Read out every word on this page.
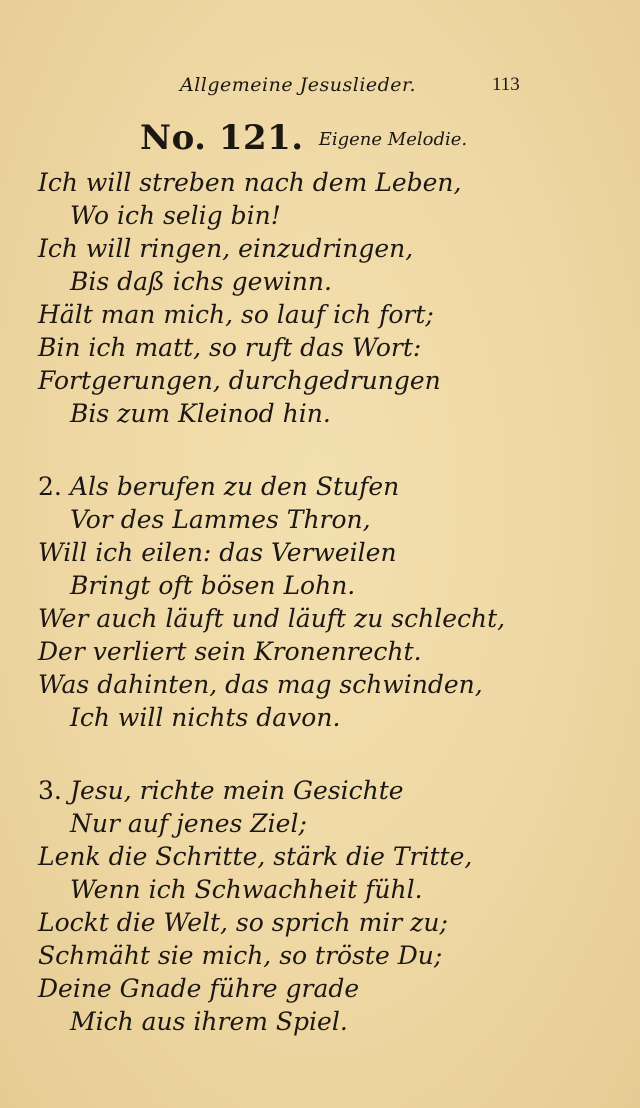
Allgemeine Jesuslieder.	113
No. 121. Eigene Melodie.
Ich will streben nach dem Leben,
Wo ich selig bin!
Ich will ringen, einzudringen,
Bis daß ichs gewinn.
Hält man mich, so lauf ich fort;
Bin ich matt, so ruft das Wort:
Fortgerungen, durchgedrungen
Bis zum Kleinod hin.
2. Als berufen zu den Stufen
Vor des Lammes Thron,
Will ich eilen: das Verweilen
Bringt oft bösen Lohn.
Wer auch läuft und läuft zu schlecht,
Der verliert sein Kronenrecht.
Was dahinten, das mag schwinden,
Ich will nichts davon.
3. Jesu, richte mein Gesichte
Nur auf jenes Ziel;
Lenk die Schritte, stärk die Tritte,
Wenn ich Schwachheit fühl.
Lockt die Welt, so sprich mir zu;
Schmäht sie mich, so tröste Du;
Deine Gnade führe grade
Mich aus ihrem Spiel.
